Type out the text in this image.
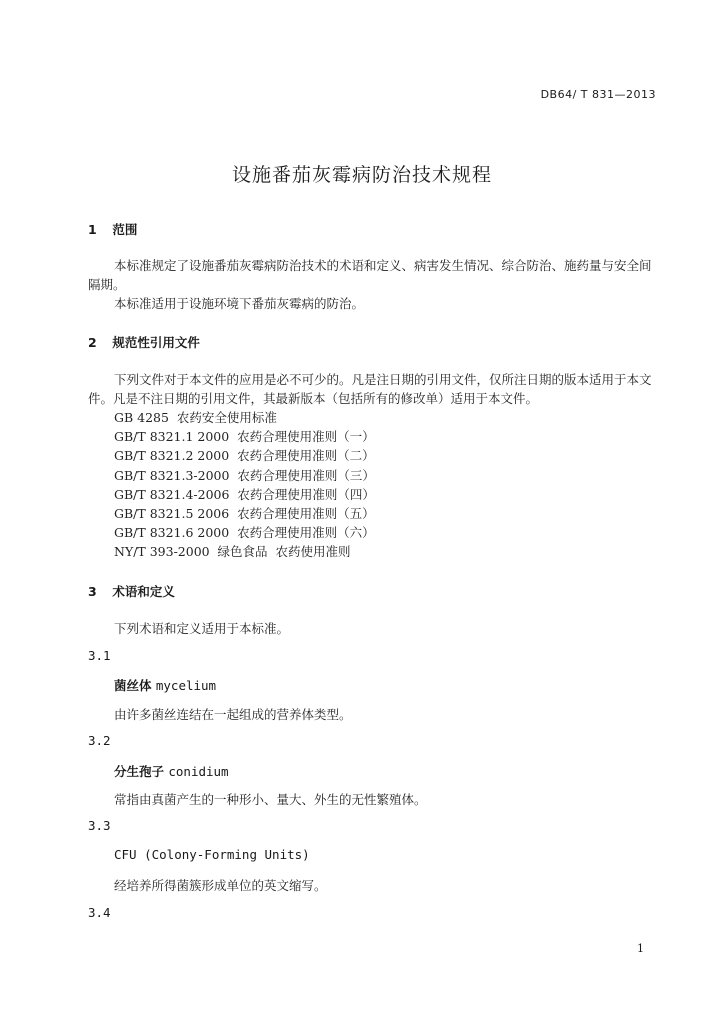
DB64/ T 831—2013
设施番茄灰霉病防治技术规程
1 范围
本标准规定了设施番茄灰霉病防治技术的术语和定义、病害发生情况、综合防治、施药量与安全间
隔期。
本标准适用于设施环境下番茄灰霉病的防治。
2 规范性引用文件
下列文件对于本文件的应用是必不可少的。凡是注日期的引用文件，仅所注日期的版本适用于本文
件。凡是不注日期的引用文件，其最新版本（包括所有的修改单）适用于本文件。
GB 4285  农药安全使用标准
GB/T 8321.1 2000  农药合理使用准则（一）
GB/T 8321.2 2000  农药合理使用准则（二）
GB/T 8321.3-2000  农药合理使用准则（三）
GB/T 8321.4-2006  农药合理使用准则（四）
GB/T 8321.5 2006  农药合理使用准则（五）
GB/T 8321.6 2000  农药合理使用准则（六）
NY/T 393-2000  绿色食品  农药使用准则
3 术语和定义
下列术语和定义适用于本标准。
3.1
菌丝体 mycelium
由许多菌丝连结在一起组成的营养体类型。
3.2
分生孢子 conidium
常指由真菌产生的一种形小、量大、外生的无性繁殖体。
3.3
CFU (Colony-Forming Units)
经培养所得菌簇形成单位的英文缩写。
3.4
1
